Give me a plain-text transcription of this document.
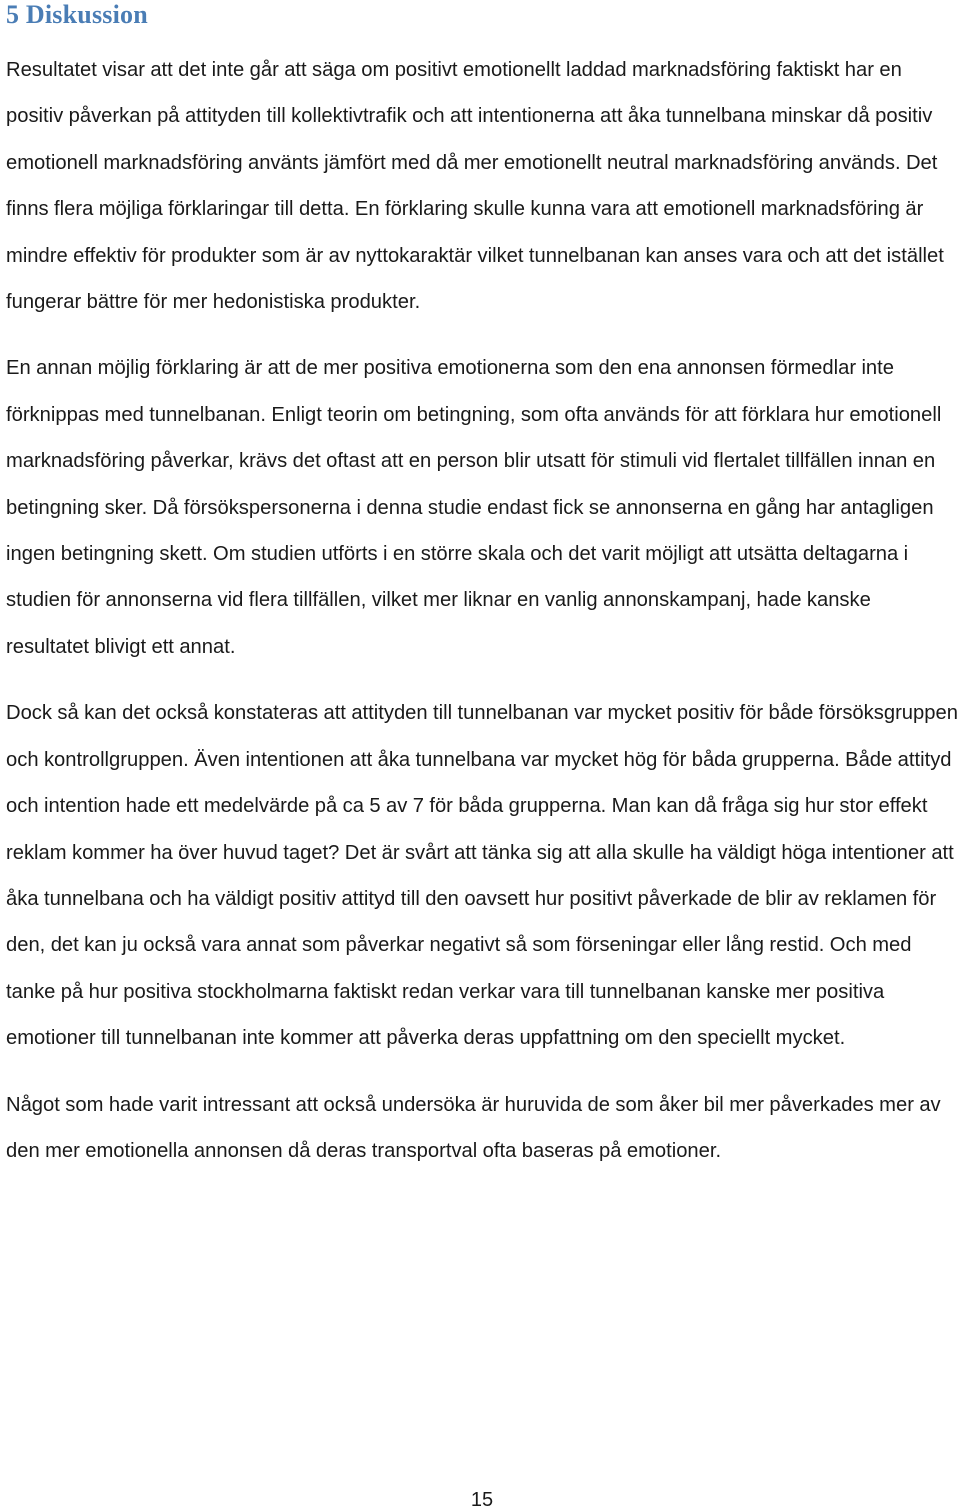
5 Diskussion

Resultatet visar att det inte går att säga om positivt emotionellt laddad marknadsföring faktiskt har en positiv påverkan på attityden till kollektivtrafik och att intentionerna att åka tunnelbana minskar då positiv emotionell marknadsföring använts jämfört med då mer emotionellt neutral marknadsföring används. Det finns flera möjliga förklaringar till detta. En förklaring skulle kunna vara att emotionell marknadsföring är mindre effektiv för produkter som är av nyttokaraktär vilket tunnelbanan kan anses vara och att det istället fungerar bättre för mer hedonistiska produkter.

En annan möjlig förklaring är att de mer positiva emotionerna som den ena annonsen förmedlar inte förknippas med tunnelbanan. Enligt teorin om betingning, som ofta används för att förklara hur emotionell marknadsföring påverkar, krävs det oftast att en person blir utsatt för stimuli vid flertalet tillfällen innan en betingning sker. Då försökspersonerna i denna studie endast fick se annonserna en gång har antagligen ingen betingning skett. Om studien utförts i en större skala och det varit möjligt att utsätta deltagarna i studien för annonserna vid flera tillfällen, vilket mer liknar en vanlig annonskampanj, hade kanske resultatet blivigt ett annat.

Dock så kan det också konstateras att attityden till tunnelbanan var mycket positiv för både försöksgruppen och kontrollgruppen. Även intentionen att åka tunnelbana var mycket hög för båda grupperna. Både attityd och intention hade ett medelvärde på ca 5 av 7 för båda grupperna. Man kan då fråga sig hur stor effekt reklam kommer ha över huvud taget? Det är svårt att tänka sig att alla skulle ha väldigt höga intentioner att åka tunnelbana och ha väldigt positiv attityd till den oavsett hur positivt påverkade de blir av reklamen för den, det kan ju också vara annat som påverkar negativt så som förseningar eller lång restid. Och med tanke på hur positiva stockholmarna faktiskt redan verkar vara till tunnelbanan kanske mer positiva emotioner till tunnelbanan inte kommer att påverka deras uppfattning om den speciellt mycket.

Något som hade varit intressant att också undersöka är huruvida de som åker bil mer påverkades mer av den mer emotionella annonsen då deras transportval ofta baseras på emotioner.

15
